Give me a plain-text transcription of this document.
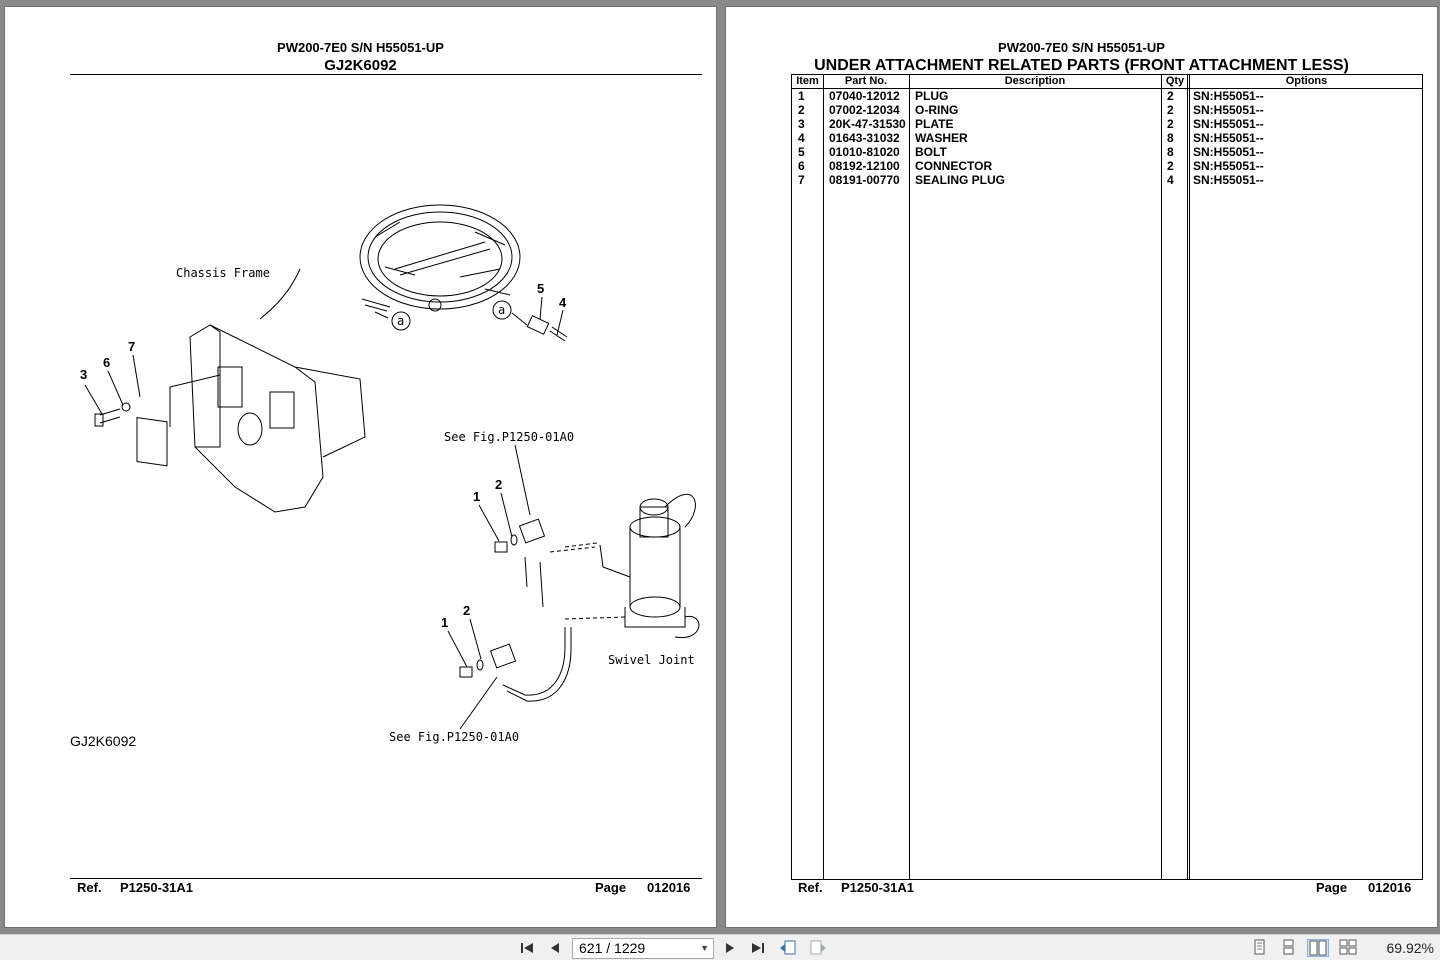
PW200-7E0 S/N H55051-UP
GJ2K6092
a
a
5
4
Chassis Frame
3
6
7
See Fig.P1250-01A0
1
2
Swivel Joint
1
2
See Fig.P1250-01A0
GJ2K6092
Ref. P1250-31A1	Page 012016
PW200-7E0 S/N H55051-UP
UNDER ATTACHMENT RELATED PARTS (FRONT ATTACHMENT LESS)
Item	Part No.	Description	Qty	Options
1 07040-12012 PLUG	2 SN:H55051--
2 07002-12034 O-RING	2 SN:H55051--
3 20K-47-31530 PLATE	2 SN:H55051--
4 01643-31032 WASHER	8 SN:H55051--
5 01010-81020 BOLT	8 SN:H55051--
6 08192-12100 CONNECTOR	2 SN:H55051--
7 08191-00770 SEALING PLUG	4 SN:H55051--
Ref. P1250-31A1	Page 012016
621 / 1229	▼	69.92%
